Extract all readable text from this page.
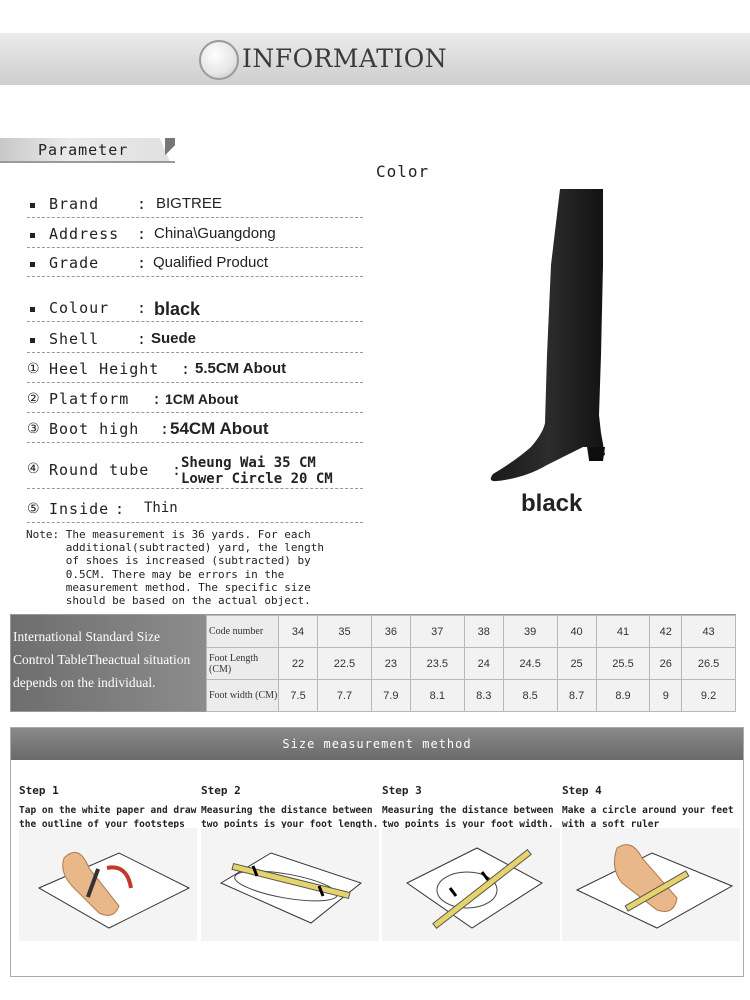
INFORMATION
Parameter
Brand	: BIGTREE
Address : China\Guangdong
Grade	: Qualified Product
Colour : black
Shell	: Suede
① Heel Height : 5.5CM About
② Platform : 1CM About
③ Boot high : 54CM About
④ Round tube : Sheung Wai 35 CM
Lower Circle 20 CM
⑤ Inside : Thin
Color
black
Note: The measurement is 36 yards. For each
additional(subtracted) yard, the length
of shoes is increased (subtracted) by
0.5CM. There may be errors in the
measurement method. The specific size
should be based on the actual object.
International Standard Size
Control TableTheactual situation
depends on the individual.
Code number	34	35	36	37	38	39	40	41	42	43
Foot Length (CM)	22	22.5	23	23.5	24	24.5	25	25.5	26	26.5
Foot width (CM)	7.5	7.7	7.9	8.1	8.3	8.5	8.7	8.9	9	9.2
Size measurement method
Step 1
Tap on the white paper and draw the outline of your footsteps
Step 2
Measuring the distance between two points is your foot length.
Step 3
Measuring the distance between two points is your foot width.
Step 4
Make a circle around your feet with a soft ruler
